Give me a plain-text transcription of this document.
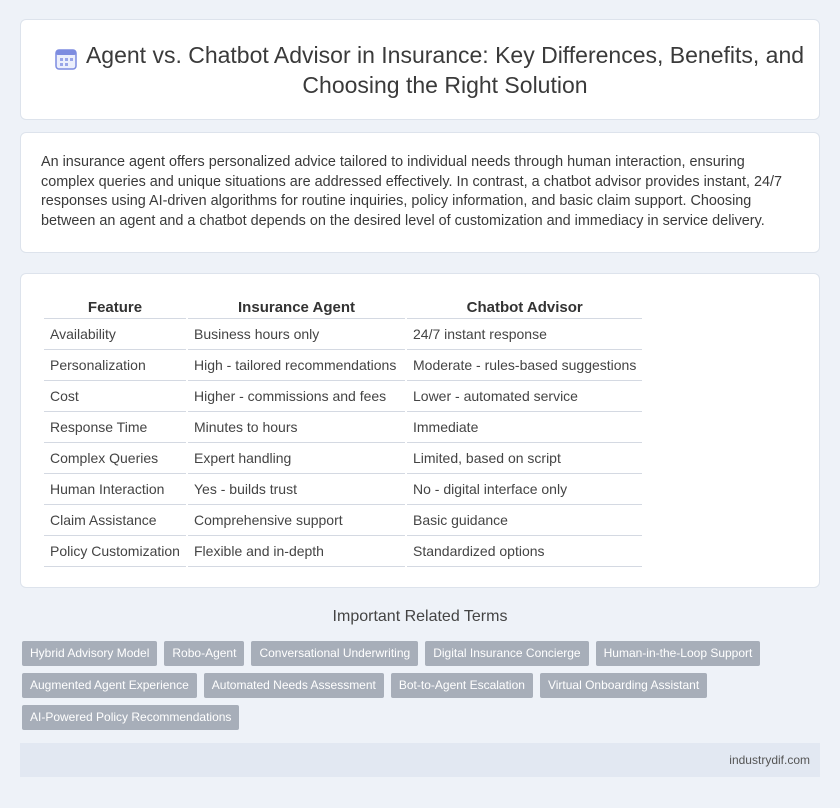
Agent vs. Chatbot Advisor in Insurance: Key Differences, Benefits, and Choosing the Right Solution

An insurance agent offers personalized advice tailored to individual needs through human interaction, ensuring complex queries and unique situations are addressed effectively. In contrast, a chatbot advisor provides instant, 24/7 responses using AI-driven algorithms for routine inquiries, policy information, and basic claim support. Choosing between an agent and a chatbot depends on the desired level of customization and immediacy in service delivery.

Feature	Insurance Agent	Chatbot Advisor
Availability	Business hours only	24/7 instant response
Personalization	High - tailored recommendations	Moderate - rules-based suggestions
Cost	Higher - commissions and fees	Lower - automated service
Response Time	Minutes to hours	Immediate
Complex Queries	Expert handling	Limited, based on script
Human Interaction	Yes - builds trust	No - digital interface only
Claim Assistance	Comprehensive support	Basic guidance
Policy Customization	Flexible and in-depth	Standardized options
Important Related Terms
Hybrid Advisory Model	Robo-Agent	Conversational Underwriting	Digital Insurance Concierge	Human-in-the-Loop Support
Augmented Agent Experience	Automated Needs Assessment	Bot-to-Agent Escalation	Virtual Onboarding Assistant
AI-Powered Policy Recommendations
industrydif.com
